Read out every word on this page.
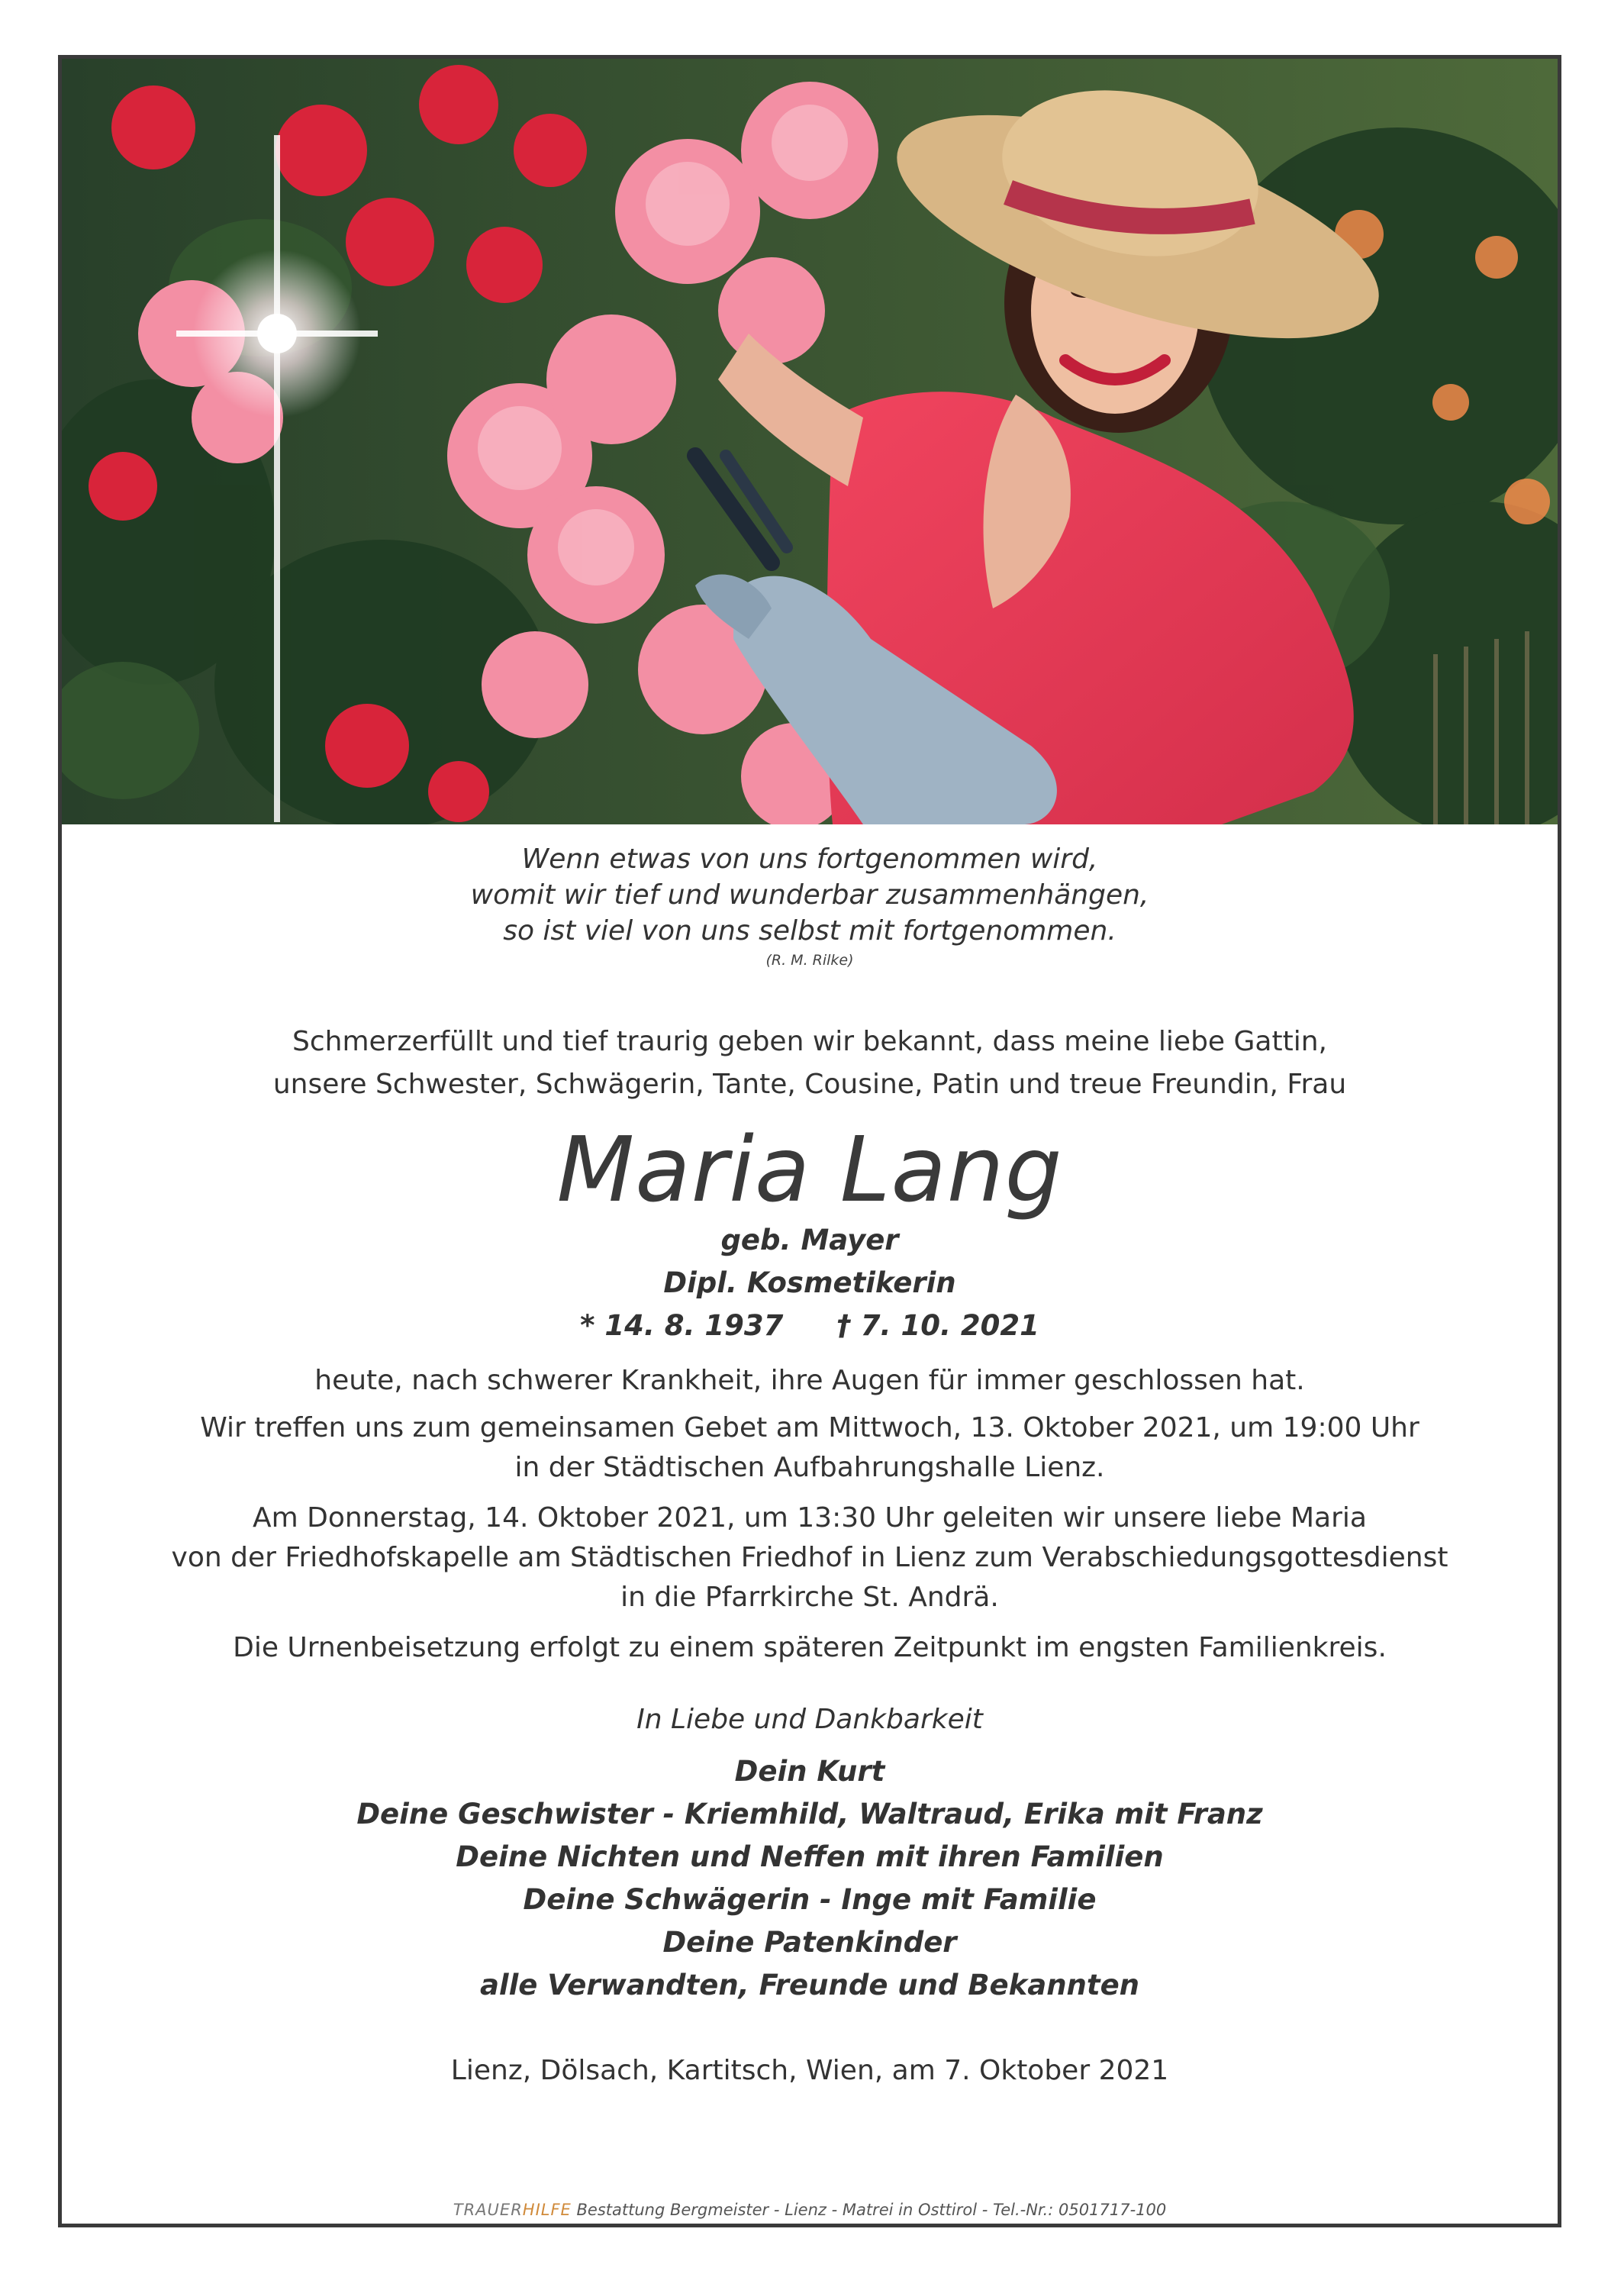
Wenn etwas von uns fortgenommen wird,
womit wir tief und wunderbar zusammenhängen,
so ist viel von uns selbst mit fortgenommen.
(R. M. Rilke)
Schmerzerfüllt und tief traurig geben wir bekannt, dass meine liebe Gattin,
unsere Schwester, Schwägerin, Tante, Cousine, Patin und treue Freundin, Frau
Maria Lang
geb. Mayer
Dipl. Kosmetikerin
* 14. 8. 1937 † 7. 10. 2021
heute, nach schwerer Krankheit, ihre Augen für immer geschlossen hat.
Wir treffen uns zum gemeinsamen Gebet am Mittwoch, 13. Oktober 2021, um 19:00 Uhr
in der Städtischen Aufbahrungshalle Lienz.
Am Donnerstag, 14. Oktober 2021, um 13:30 Uhr geleiten wir unsere liebe Maria
von der Friedhofskapelle am Städtischen Friedhof in Lienz zum Verabschiedungsgottesdienst
in die Pfarrkirche St. Andrä.
Die Urnenbeisetzung erfolgt zu einem späteren Zeitpunkt im engsten Familienkreis.
In Liebe und Dankbarkeit
Dein Kurt
Deine Geschwister - Kriemhild, Waltraud, Erika mit Franz
Deine Nichten und Neffen mit ihren Familien
Deine Schwägerin - Inge mit Familie
Deine Patenkinder
alle Verwandten, Freunde und Bekannten
Lienz, Dölsach, Kartitsch, Wien, am 7. Oktober 2021
TRAUERHILFE Bestattung Bergmeister - Lienz - Matrei in Osttirol - Tel.-Nr.: 0501717-100
